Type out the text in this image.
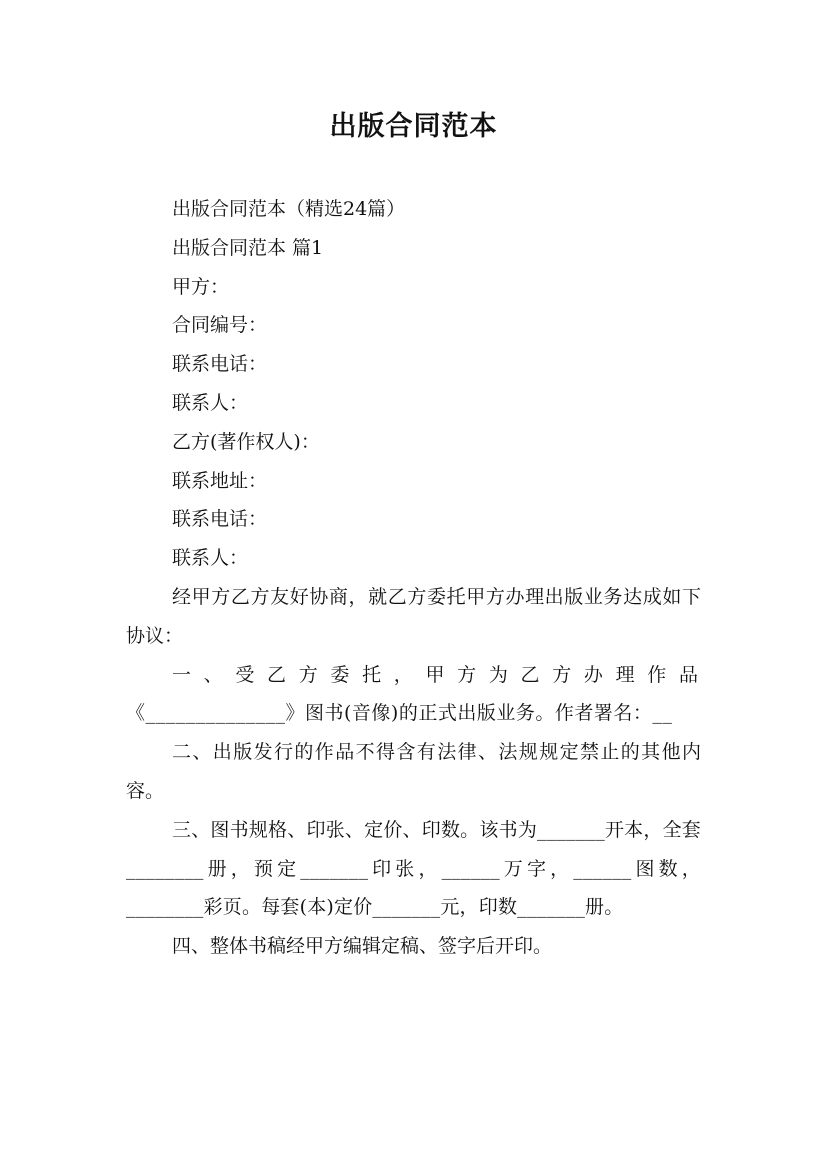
出版合同范本

出版合同范本（精选24篇）

出版合同范本 篇1

甲方：

合同编号：

联系电话：

联系人：

乙方(著作权人)：

联系地址：

联系电话：

联系人：

经甲方乙方友好协商，就乙方委托甲方办理出版业务达成如下协议：

一、受乙方委托，甲方为乙方办理作品
《______________》图书(音像)的正式出版业务。作者署名：__

二、出版发行的作品不得含有法律、法规规定禁止的其他内容。

三、图书规格、印张、定价、印数。该书为_______开本，全套________册，预定_______印张，______万字，______图数，________彩页。每套(本)定价_______元，印数_______册。

四、整体书稿经甲方编辑定稿、签字后开印。
